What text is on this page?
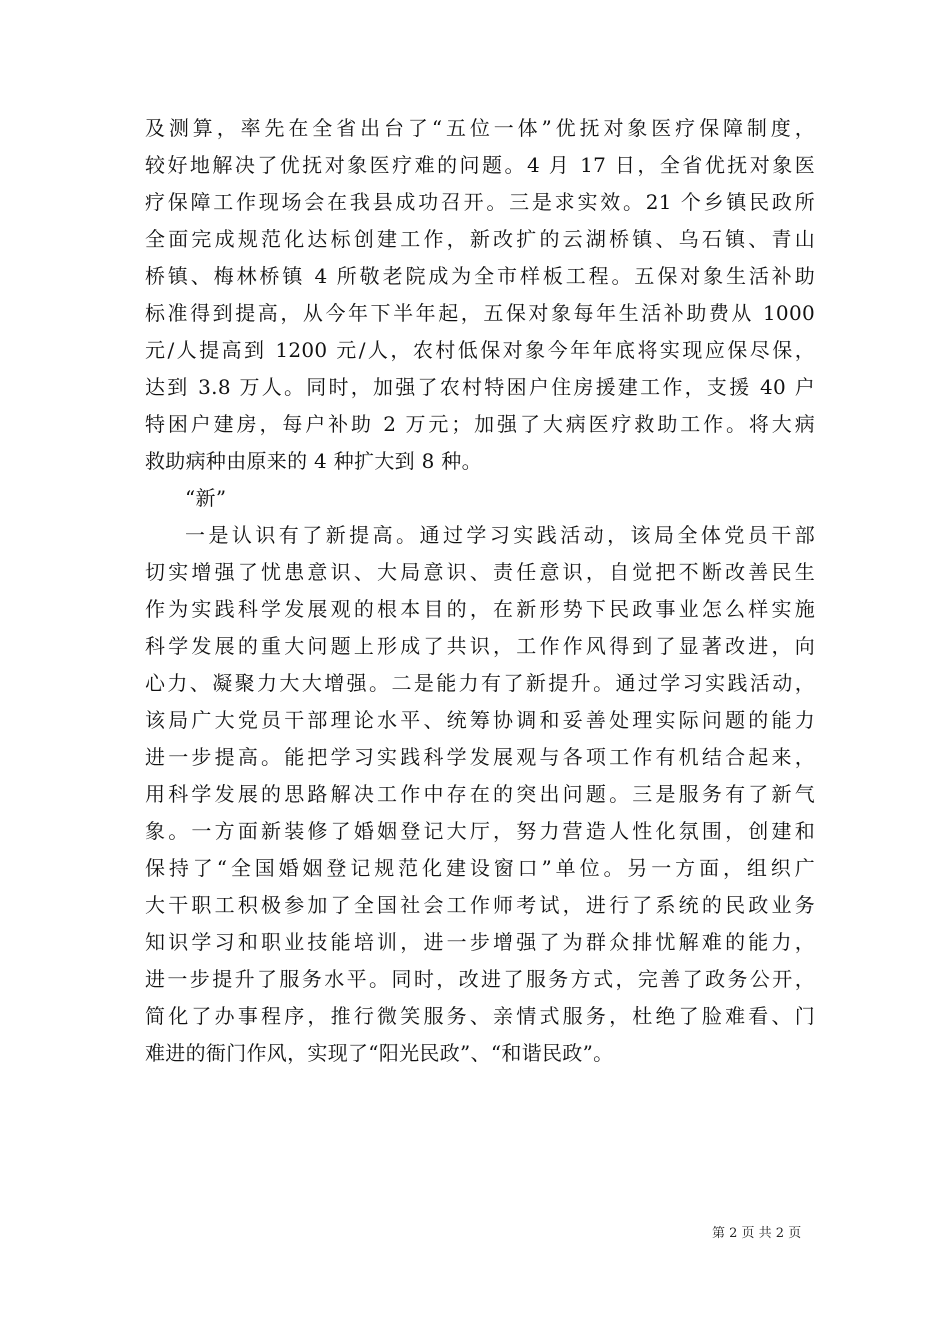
及测算，率先在全省出台了“五位一体”优抚对象医疗保障制度，
较好地解决了优抚对象医疗难的问题。4 月 17 日，全省优抚对象医
疗保障工作现场会在我县成功召开。三是求实效。21 个乡镇民政所
全面完成规范化达标创建工作，新改扩的云湖桥镇、乌石镇、青山
桥镇、梅林桥镇 4 所敬老院成为全市样板工程。五保对象生活补助
标准得到提高，从今年下半年起，五保对象每年生活补助费从 1000
元/人提高到 1200 元/人，农村低保对象今年年底将实现应保尽保，
达到 3.8 万人。同时，加强了农村特困户住房援建工作，支援 40 户
特困户建房，每户补助 2 万元；加强了大病医疗救助工作。将大病
救助病种由原来的 4 种扩大到 8 种。
“新”
一是认识有了新提高。通过学习实践活动，该局全体党员干部
切实增强了忧患意识、大局意识、责任意识，自觉把不断改善民生
作为实践科学发展观的根本目的，在新形势下民政事业怎么样实施
科学发展的重大问题上形成了共识，工作作风得到了显著改进，向
心力、凝聚力大大增强。二是能力有了新提升。通过学习实践活动，
该局广大党员干部理论水平、统筹协调和妥善处理实际问题的能力
进一步提高。能把学习实践科学发展观与各项工作有机结合起来，
用科学发展的思路解决工作中存在的突出问题。三是服务有了新气
象。一方面新装修了婚姻登记大厅，努力营造人性化氛围，创建和
保持了“全国婚姻登记规范化建设窗口”单位。另一方面，组织广
大干职工积极参加了全国社会工作师考试，进行了系统的民政业务
知识学习和职业技能培训，进一步增强了为群众排忧解难的能力，
进一步提升了服务水平。同时，改进了服务方式，完善了政务公开，
简化了办事程序，推行微笑服务、亲情式服务，杜绝了脸难看、门
难进的衙门作风，实现了“阳光民政”、“和谐民政”。
第 2 页 共 2 页
